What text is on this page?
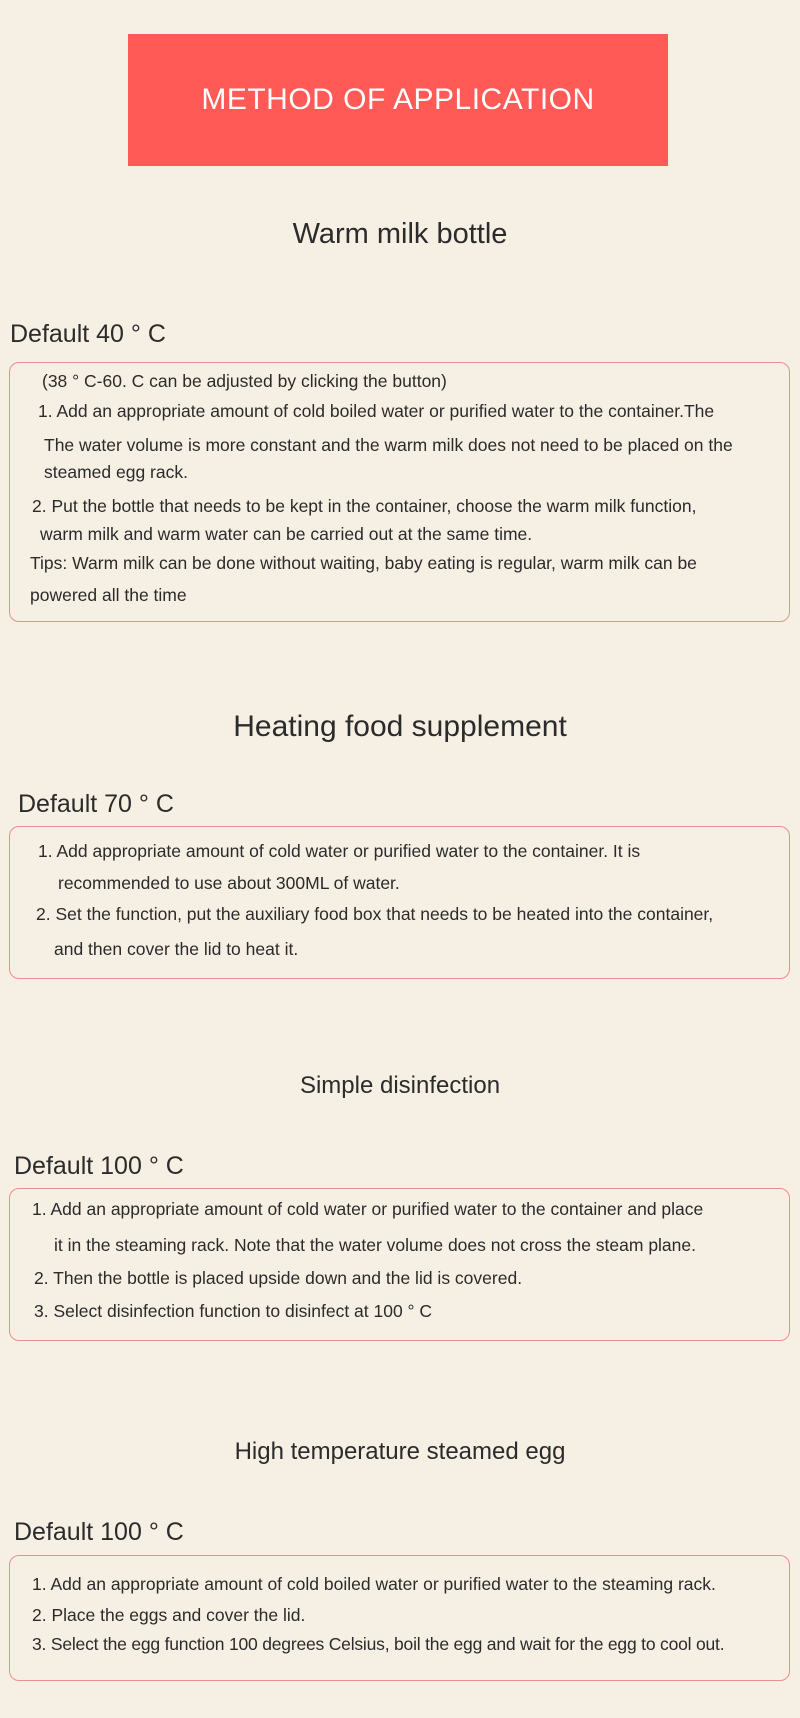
METHOD OF APPLICATION
Warm milk bottle
Default 40 ° C
(38 ° C-60. C can be adjusted by clicking the button)
1. Add an appropriate amount of cold boiled water or purified water to the container.The
The water volume is more constant and the warm milk does not need to be placed on the
steamed egg rack.
2. Put the bottle that needs to be kept in the container, choose the warm milk function,
warm milk and warm water can be carried out at the same time.
Tips: Warm milk can be done without waiting, baby eating is regular, warm milk can be
powered all the time
Heating food supplement
Default 70 ° C
1. Add appropriate amount of cold water or purified water to the container. It is
recommended to use about 300ML of water.
2. Set the function, put the auxiliary food box that needs to be heated into the container,
and then cover the lid to heat it.
Simple disinfection
Default 100 ° C
1. Add an appropriate amount of cold water or purified water to the container and place
it in the steaming rack. Note that the water volume does not cross the steam plane.
2. Then the bottle is placed upside down and the lid is covered.
3. Select disinfection function to disinfect at 100 ° C
High temperature steamed egg
Default 100 ° C
1. Add an appropriate amount of cold boiled water or purified water to the steaming rack.
2. Place the eggs and cover the lid.
3. Select the egg function 100 degrees Celsius, boil the egg and wait for the egg to cool out.
